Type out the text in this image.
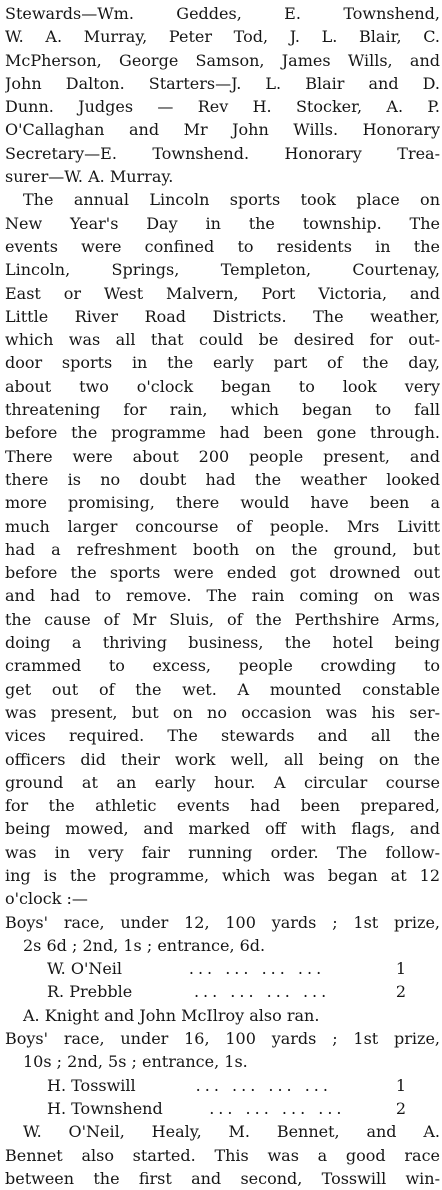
Stewards—Wm. Geddes, E. Townshend,
W. A. Murray, Peter Tod, J. L. Blair, C.
McPherson, George Samson, James Wills, and
John Dalton. Starters—J. L. Blair and D.
Dunn. Judges — Rev H. Stocker, A. P.
O'Callaghan and Mr John Wills. Honorary
Secretary—E. Townshend. Honorary Trea-
surer—W. A. Murray.
The annual Lincoln sports took place on
New Year's Day in the township. The
events were confined to residents in the
Lincoln, Springs, Templeton, Courtenay,
East or West Malvern, Port Victoria, and
Little River Road Districts. The weather,
which was all that could be desired for out-
door sports in the early part of the day,
about two o'clock began to look very
threatening for rain, which began to fall
before the programme had been gone through.
There were about 200 people present, and
there is no doubt had the weather looked
more promising, there would have been a
much larger concourse of people. Mrs Livitt
had a refreshment booth on the ground, but
before the sports were ended got drowned out
and had to remove. The rain coming on was
the cause of Mr Sluis, of the Perthshire Arms,
doing a thriving business, the hotel being
crammed to excess, people crowding to
get out of the wet. A mounted constable
was present, but on no occasion was his ser-
vices required. The stewards and all the
officers did their work well, all being on the
ground at an early hour. A circular course
for the athletic events had been prepared,
being mowed, and marked off with flags, and
was in very fair running order. The follow-
ing is the programme, which was began at 12
o'clock :—
Boys' race, under 12, 100 yards ; 1st prize,
2s 6d ; 2nd, 1s ; entrance, 6d.
W. O'Neil	... ... ... ...	1
R. Prebble	... ... ... ...	2
A. Knight and John McIlroy also ran.
Boys' race, under 16, 100 yards ; 1st prize,
10s ; 2nd, 5s ; entrance, 1s.
H. Tosswill	... ... ... ...	1
H. Townshend	... ... ... ...	2
W. O'Neil, Healy, M. Bennet, and A.
Bennet also started. This was a good race
between the first and second, Tosswill win-
